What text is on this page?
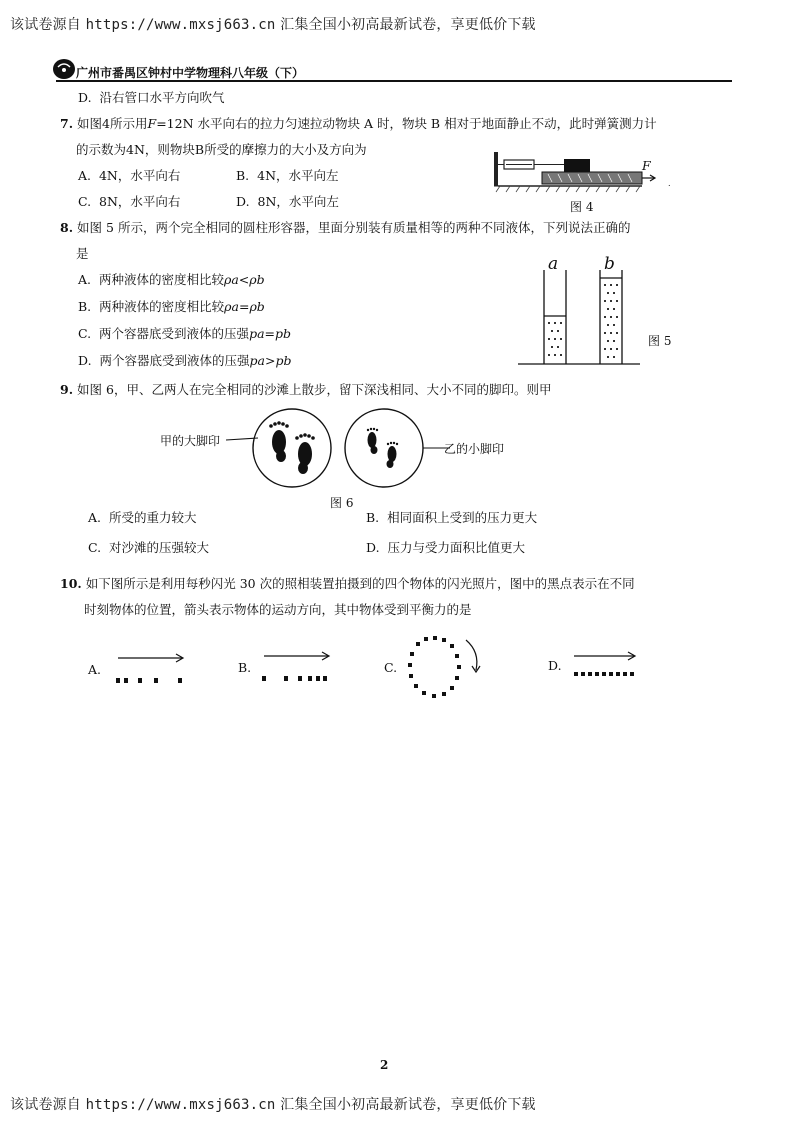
该试卷源自 https://www.mxsj663.cn 汇集全国小初高最新试卷，享更低价下载
广州市番禺区钟村中学物理科八年级（下）
D. 沿右管口水平方向吹气
7. 如图4所示用F=12N 水平向右的拉力匀速拉动物块 A 时，物块 B 相对于地面静止不动，此时弹簧测力计
的示数为4N，则物块B所受的摩擦力的大小及方向为
A. 4N，水平向右	B. 4N，水平向左
C. 8N，水平向右	D. 8N，水平向左
.
F
图 4
8. 如图 5 所示，两个完全相同的圆柱形容器，里面分别装有质量相等的两种不同液体，下列说法正确的
是
A. 两种液体的密度相比较ρa<ρb
B. 两种液体的密度相比较ρa=ρb
C. 两个容器底受到液体的压强pa=pb
D. 两个容器底受到液体的压强pa>pb
a	b
图 5
9. 如图 6，甲、乙两人在完全相同的沙滩上散步，留下深浅相同、大小不同的脚印。则甲
甲的大脚印
乙的小脚印
图 6
A. 所受的重力较大	B. 相同面积上受到的压力更大
C. 对沙滩的压强较大	D. 压力与受力面积比值更大
10. 如下图所示是利用每秒闪光 30 次的照相装置拍摄到的四个物体的闪光照片，图中的黑点表示在不同
时刻物体的位置，箭头表示物体的运动方向，其中物体受到平衡力的是
A.	B.	C.	D.
2
该试卷源自 https://www.mxsj663.cn 汇集全国小初高最新试卷，享更低价下载
